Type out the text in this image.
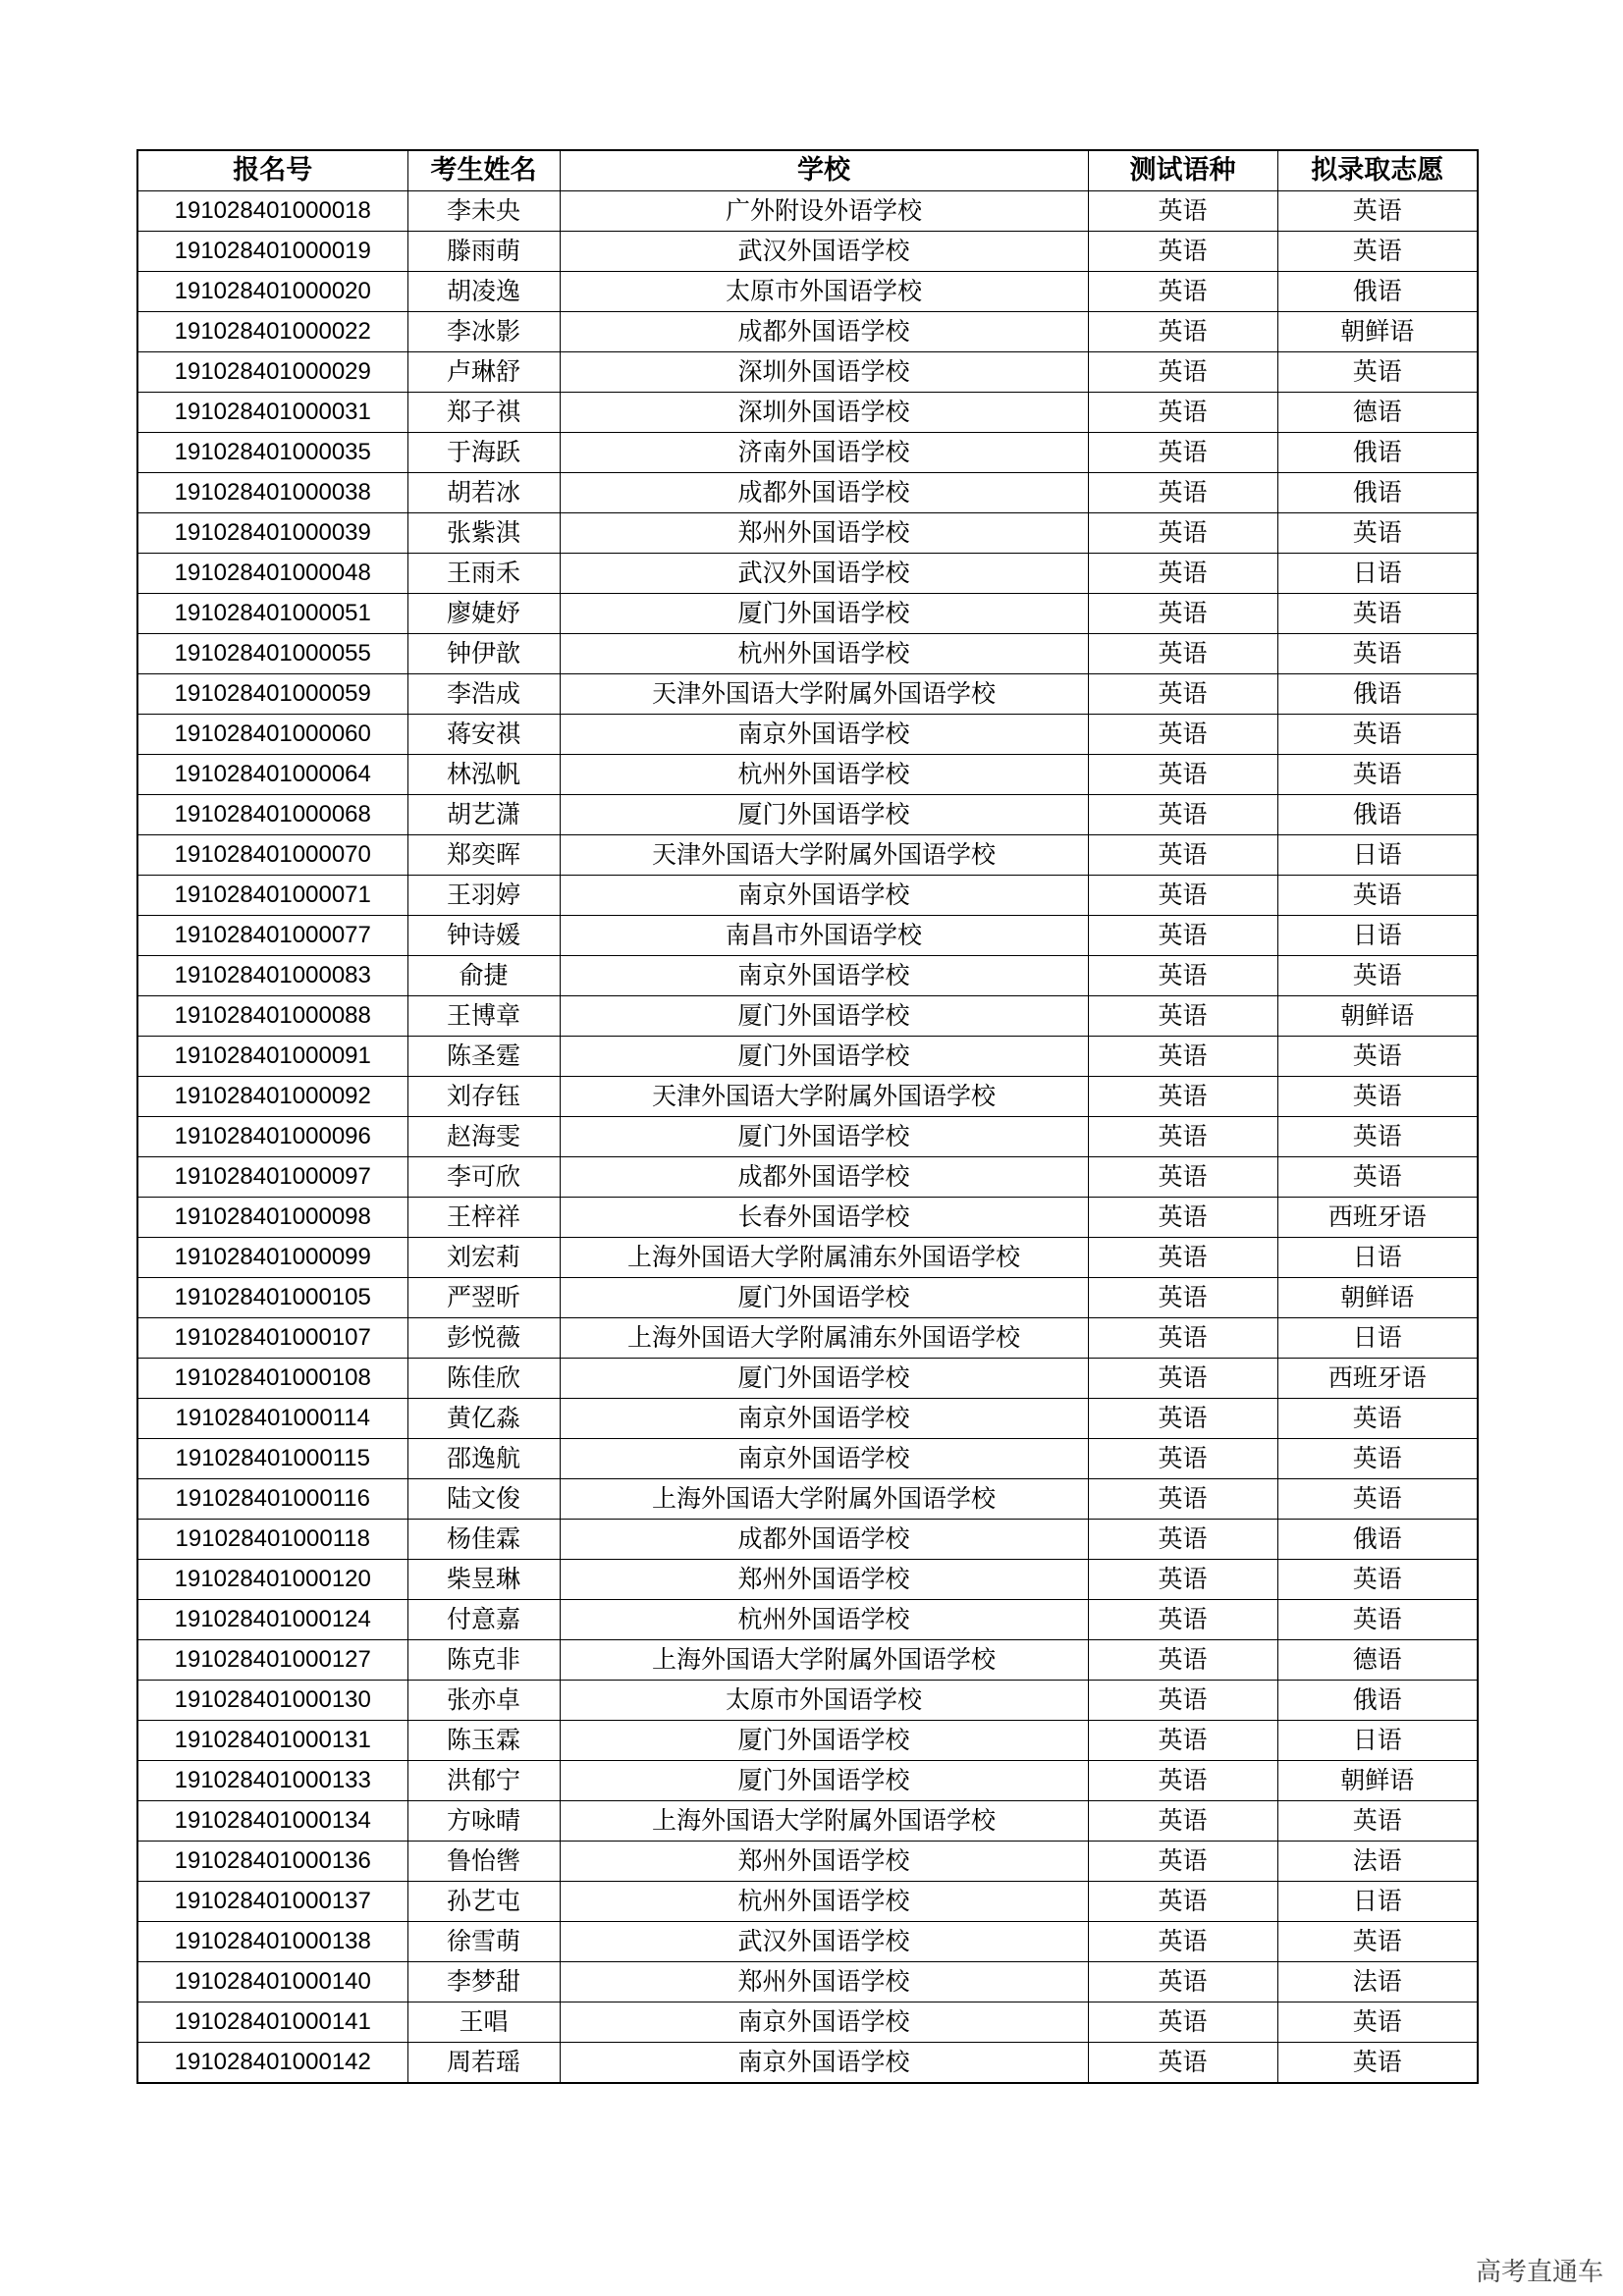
报名号	考生姓名	学校	测试语种	拟录取志愿
191028401000018	李未央	广外附设外语学校	英语	英语
191028401000019	滕雨萌	武汉外国语学校	英语	英语
191028401000020	胡凌逸	太原市外国语学校	英语	俄语
191028401000022	李冰影	成都外国语学校	英语	朝鲜语
191028401000029	卢琳舒	深圳外国语学校	英语	英语
191028401000031	郑子祺	深圳外国语学校	英语	德语
191028401000035	于海跃	济南外国语学校	英语	俄语
191028401000038	胡若冰	成都外国语学校	英语	俄语
191028401000039	张紫淇	郑州外国语学校	英语	英语
191028401000048	王雨禾	武汉外国语学校	英语	日语
191028401000051	廖婕妤	厦门外国语学校	英语	英语
191028401000055	钟伊歆	杭州外国语学校	英语	英语
191028401000059	李浩成	天津外国语大学附属外国语学校	英语	俄语
191028401000060	蒋安祺	南京外国语学校	英语	英语
191028401000064	林泓帆	杭州外国语学校	英语	英语
191028401000068	胡艺潇	厦门外国语学校	英语	俄语
191028401000070	郑奕晖	天津外国语大学附属外国语学校	英语	日语
191028401000071	王羽婷	南京外国语学校	英语	英语
191028401000077	钟诗媛	南昌市外国语学校	英语	日语
191028401000083	俞捷	南京外国语学校	英语	英语
191028401000088	王博章	厦门外国语学校	英语	朝鲜语
191028401000091	陈圣霆	厦门外国语学校	英语	英语
191028401000092	刘存钰	天津外国语大学附属外国语学校	英语	英语
191028401000096	赵海雯	厦门外国语学校	英语	英语
191028401000097	李可欣	成都外国语学校	英语	英语
191028401000098	王梓祥	长春外国语学校	英语	西班牙语
191028401000099	刘宏莉	上海外国语大学附属浦东外国语学校	英语	日语
191028401000105	严翌昕	厦门外国语学校	英语	朝鲜语
191028401000107	彭悦薇	上海外国语大学附属浦东外国语学校	英语	日语
191028401000108	陈佳欣	厦门外国语学校	英语	西班牙语
191028401000114	黄亿淼	南京外国语学校	英语	英语
191028401000115	邵逸航	南京外国语学校	英语	英语
191028401000116	陆文俊	上海外国语大学附属外国语学校	英语	英语
191028401000118	杨佳霖	成都外国语学校	英语	俄语
191028401000120	柴昱琳	郑州外国语学校	英语	英语
191028401000124	付意嘉	杭州外国语学校	英语	英语
191028401000127	陈克非	上海外国语大学附属外国语学校	英语	德语
191028401000130	张亦卓	太原市外国语学校	英语	俄语
191028401000131	陈玉霖	厦门外国语学校	英语	日语
191028401000133	洪郁宁	厦门外国语学校	英语	朝鲜语
191028401000134	方咏晴	上海外国语大学附属外国语学校	英语	英语
191028401000136	鲁怡辔	郑州外国语学校	英语	法语
191028401000137	孙艺屯	杭州外国语学校	英语	日语
191028401000138	徐雪萌	武汉外国语学校	英语	英语
191028401000140	李梦甜	郑州外国语学校	英语	法语
191028401000141	王唱	南京外国语学校	英语	英语
191028401000142	周若瑶	南京外国语学校	英语	英语
高考直通车
